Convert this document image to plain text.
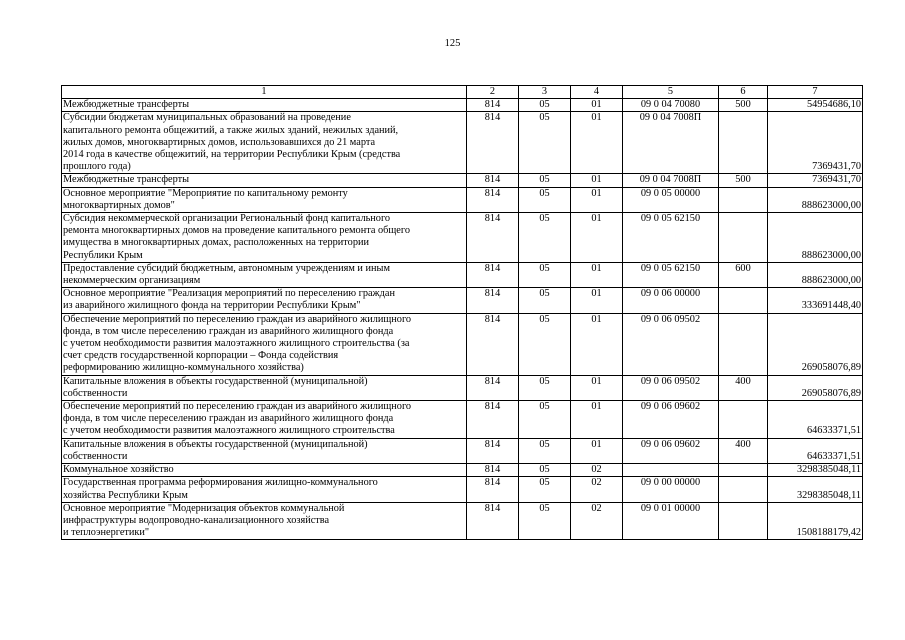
125
1	2	3	4	5	6	7
Межбюджетные трансферты	814	05	01	09 0 04 70080	500	54954686,10

Субсидии бюджетам муниципальных образований на проведение
капитального ремонта общежитий, а также жилых зданий, нежилых зданий,
жилых домов, многоквартирных домов, использовавшихся до 21 марта
2014 года в качестве общежитий, на территории Республики Крым (средства
прошлого года)	814	05	01	09 0 04 7008П		7369431,70

Межбюджетные трансферты	814	05	01	09 0 04 7008П	500	7369431,70

Основное мероприятие "Мероприятие по капитальному ремонту
многоквартирных домов"	814	05	01	09 0 05 00000		888623000,00

Субсидия некоммерческой организации Региональный фонд капитального
ремонта многоквартирных домов на проведение капитального ремонта общего
имущества в многоквартирных домах, расположенных на территории
Республики Крым	814	05	01	09 0 05 62150		888623000,00

Предоставление субсидий бюджетным, автономным учреждениям и иным
некоммерческим организациям	814	05	01	09 0 05 62150	600	888623000,00

Основное мероприятие "Реализация мероприятий по переселению граждан
из аварийного жилищного фонда на территории Республики Крым"	814	05	01	09 0 06 00000		333691448,40

Обеспечение мероприятий по переселению граждан из аварийного жилищного
фонда, в том числе переселению граждан из аварийного жилищного фонда
с учетом необходимости развития малоэтажного жилищного строительства (за
счет средств государственной корпорации – Фонда содействия
реформированию жилищно-коммунального хозяйства)	814	05	01	09 0 06 09502		269058076,89

Капитальные вложения в объекты государственной (муниципальной)
собственности	814	05	01	09 0 06 09502	400	269058076,89

Обеспечение мероприятий по переселению граждан из аварийного жилищного
фонда, в том числе переселению граждан из аварийного жилищного фонда
с учетом необходимости развития малоэтажного жилищного строительства	814	05	01	09 0 06 09602		64633371,51

Капитальные вложения в объекты государственной (муниципальной)
собственности	814	05	01	09 0 06 09602	400	64633371,51

Коммунальное хозяйство	814	05	02			3298385048,11

Государственная программа реформирования жилищно-коммунального
хозяйства Республики Крым	814	05	02	09 0 00 00000		3298385048,11

Основное мероприятие "Модернизация объектов коммунальной
инфраструктуры водопроводно-канализационного хозяйства
и теплоэнергетики"	814	05	02	09 0 01 00000		1508188179,42
